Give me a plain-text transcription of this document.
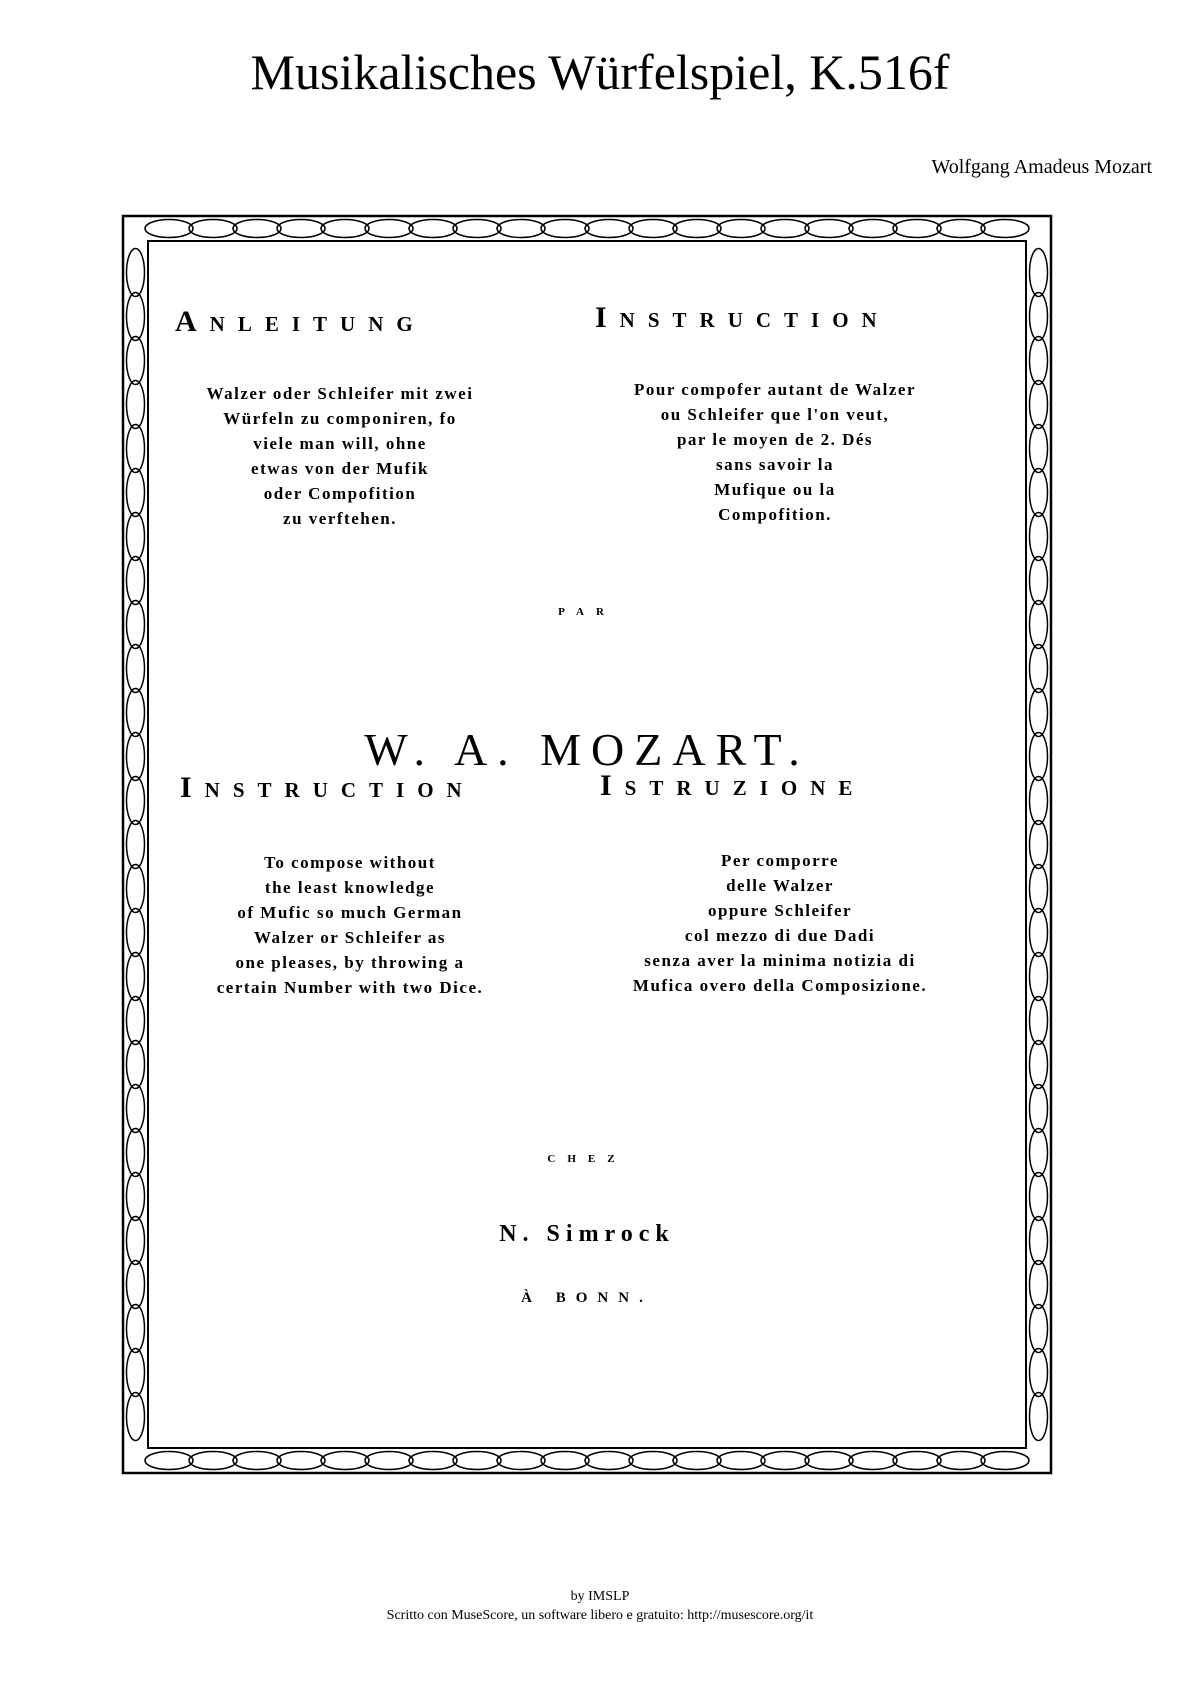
Musikalisches Würfelspiel, K.516f
Wolfgang Amadeus Mozart
Anleitung	Instruction
Walzer oder Schleifer mit zwei
Würfeln zu componiren, fo
viele man will, ohne
etwas von der Mufik
oder Compofition
zu verftehen.
Pour compofer autant de Walzer
ou Schleifer que l'on veut,
par le moyen de 2. Dés
sans savoir la
Mufique ou la
Compofition.
PAR
W. A. MOZART.
Instruction	Istruzione
To compose without
the least knowledge
of Mufic so much German
Walzer or Schleifer as
one pleases, by throwing a
certain Number with two Dice.
Per comporre
delle Walzer
oppure Schleifer
col mezzo di due Dadi
senza aver la minima notizia di
Mufica overo della Composizione.
CHEZ
N. Simrock
À BONN.
by IMSLP
Scritto con MuseScore, un software libero e gratuito: http://musescore.org/it
